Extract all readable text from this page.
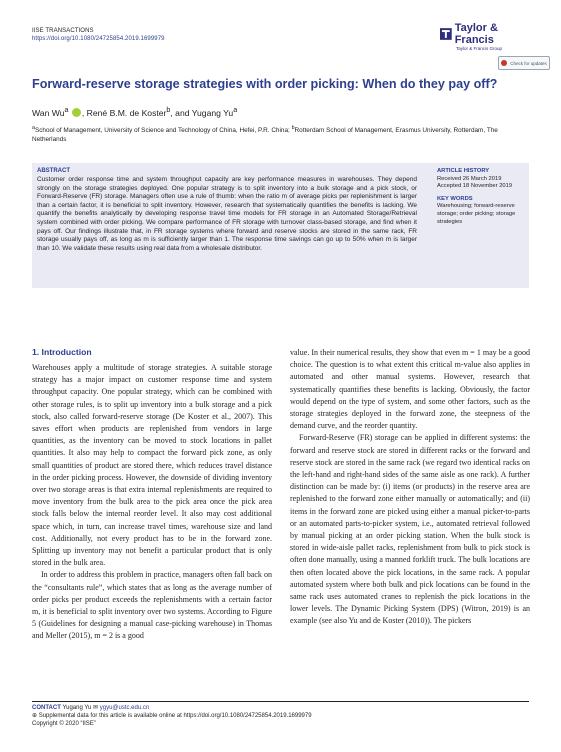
IISE TRANSACTIONS
https://doi.org/10.1080/24725854.2019.1699979
Taylor & Francis
Taylor & Francis Group
Check for updates
Forward-reserve storage strategies with order picking: When do they pay off?
Wan Wu$^a$ , René B.M. de Koster$^b$, and Yugang Yu$^a$
$^a$School of Management, University of Science and Technology of China, Hefei, P.R. China; $^b$Rotterdam School of Management, Erasmus University, Rotterdam, The Netherlands
ABSTRACT
Customer order response time and system throughput capacity are key performance measures in warehouses. They depend strongly on the storage strategies deployed. One popular strategy is to split inventory into a bulk storage and a pick stock, or Forward-Reserve (FR) storage. Managers often use a rule of thumb: when the ratio m of average picks per replenishment is larger than a certain factor, it is beneficial to split inventory. However, research that systematically quantifies the benefits is lacking. We quantify the benefits analytically by developing response travel time models for FR storage in an Automated Storage/Retrieval system combined with order picking. We compare performance of FR storage with turnover class-based storage, and find when it pays off. Our findings illustrate that, in FR storage systems where forward and reserve stocks are stored in the same rack, FR storage usually pays off, as long as m is sufficiently larger than 1. The response time savings can go up to 50% when m is larger than 10. We validate these results using real data from a wholesale distributor.
ARTICLE HISTORY
Received 26 March 2019
Accepted 18 November 2019
KEY WORDS
Warehousing; forward-reserve storage; order picking; storage strategies
1. Introduction

Warehouses apply a multitude of storage strategies. A suitable storage strategy has a major impact on customer response time and system throughput capacity. One popular strategy, which can be combined with other storage rules, is to split up inventory into a bulk storage and a pick stock, also called forward-reserve storage (De Koster et al., 2007). This saves effort when products are replenished from vendors in large quantities, as the inventory can be moved to stock locations in pallet quantities. It also may help to compact the forward pick zone, as only small quantities of product are stored there, which reduces travel distance in the order picking process. However, the downside of dividing inventory over two storage areas is that extra internal replenishments are required to move inventory from the bulk area to the pick area once the pick area stock falls below the internal reorder level. It also may cost additional space which, in turn, can increase travel times, warehouse size and land cost. Additionally, not every product has to be in the forward zone. Splitting up inventory may not benefit a particular product that is only stored in the bulk area.

In order to address this problem in practice, managers often fall back on the “consultants rule”, which states that as long as the average number of order picks per product exceeds the replenishments with a certain factor m, it is beneficial to split inventory over two systems. According to Figure 5 (Guidelines for designing a manual case-picking warehouse) in Thomas and Meller (2015), m = 2 is a good

value. In their numerical results, they show that even m = 1 may be a good choice. The question is to what extent this critical m-value also applies in automated and other manual systems. However, research that systematically quantifies these benefits is lacking. Obviously, the factor would depend on the type of system, and some other factors, such as the storage strategies deployed in the forward zone, the steepness of the demand curve, and the reorder quantity.

Forward-Reserve (FR) storage can be applied in different systems: the forward and reserve stock are stored in different racks or the forward and reserve stock are stored in the same rack (we regard two identical racks on the left-hand and right-hand sides of the same aisle as one rack). A further distinction can be made by: (i) items (or products) in the reserve area are replenished to the forward zone either manually or automatically; and (ii) items in the forward zone are picked using either a manual picker-to-parts or an automated parts-to-picker system, i.e., automated retrieval followed by manual picking at an order picking station. When the bulk stock is stored in wide-aisle pallet racks, replenishment from bulk to pick stock is often done manually, using a manned forklift truck. The bulk locations are then often located above the pick locations, in the same rack. A popular automated system where both bulk and pick locations can be found in the same rack uses automated cranes to replenish the pick locations in the lower levels. The Dynamic Picking System (DPS) (Witron, 2019) is an example (see also Yu and de Koster (2010)). The pickers

CONTACT Yugang Yu ✉ ygyu@ustc.edu.cn
⊕ Supplemental data for this article is available online at https://doi.org/10.1080/24725854.2019.1699979
Copyright © 2020 “IISE”
